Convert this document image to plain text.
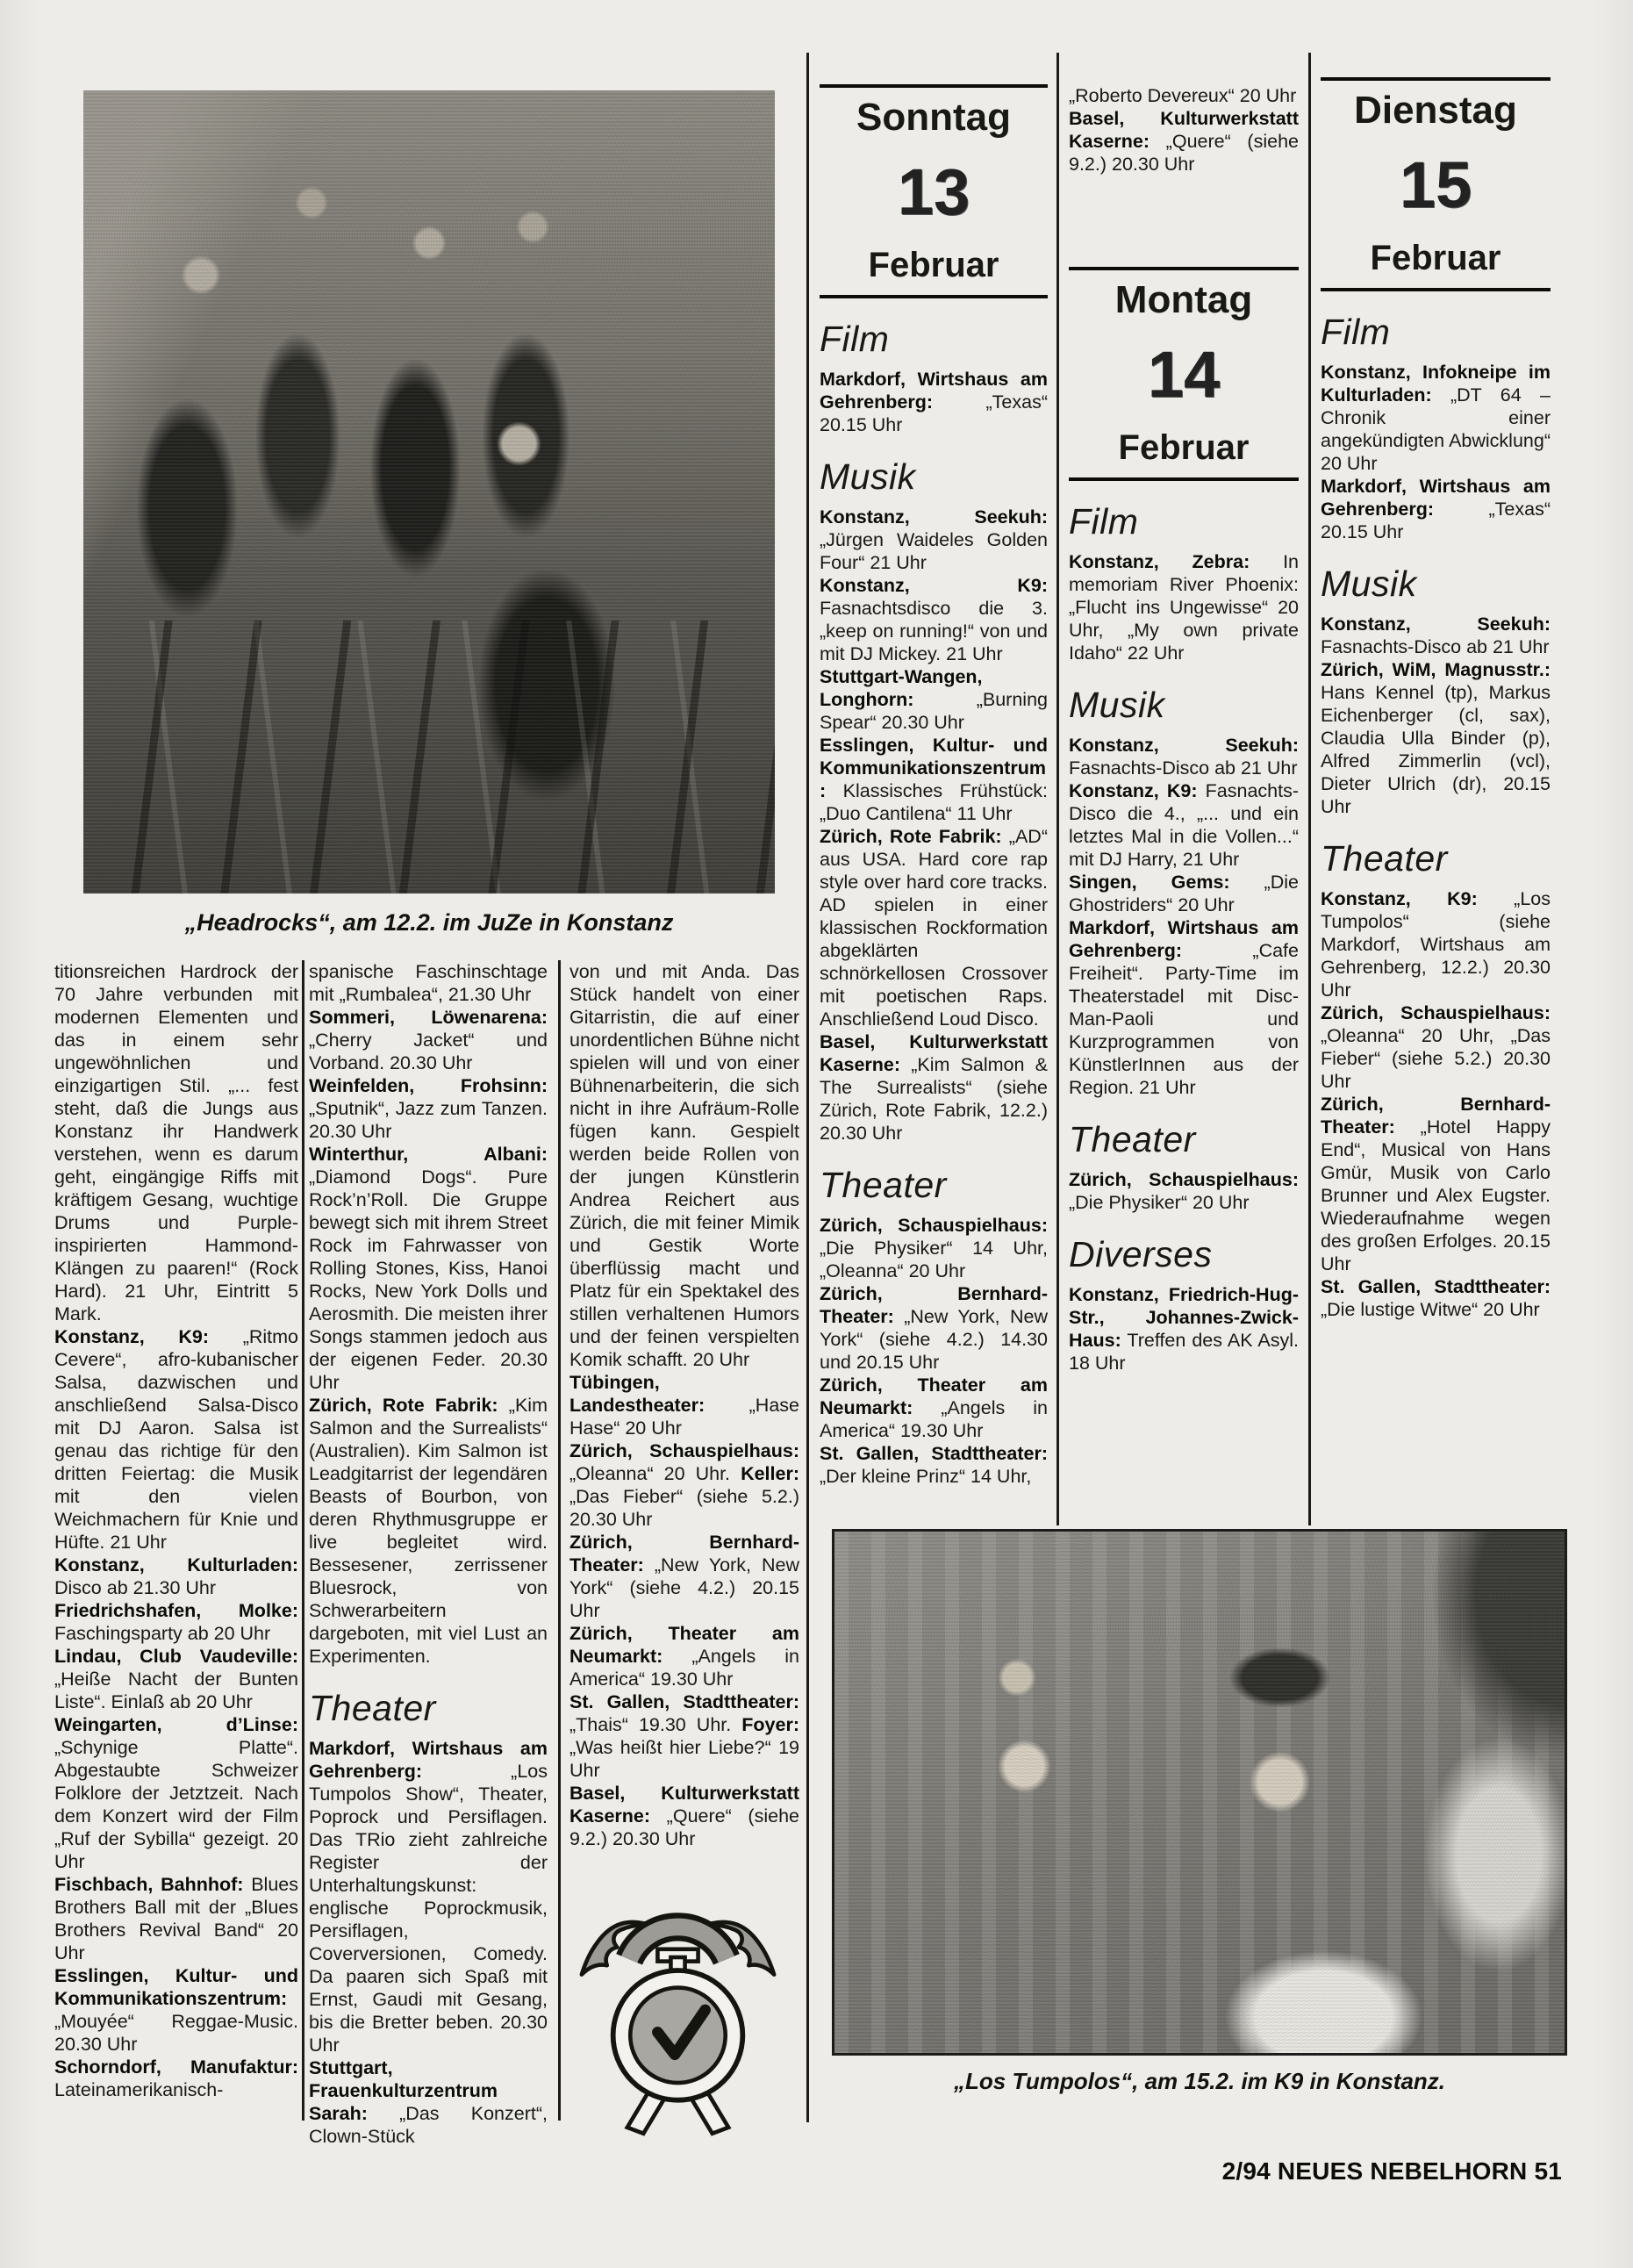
„Headrocks“, am 12.2. im JuZe in Konstanz

titionsreichen Hardrock der 70 Jahre verbunden mit modernen Elementen und das in einem sehr ungewöhnlichen und einzigartigen Stil. „... fest steht, daß die Jungs aus Konstanz ihr Handwerk verstehen, wenn es darum geht, eingängige Riffs mit kräftigem Gesang, wuchtige Drums und Purple-inspirierten Hammond-Klängen zu paaren!“ (Rock Hard). 21 Uhr, Eintritt 5 Mark.

Konstanz, K9: „Ritmo Cevere“, afro-kubanischer Salsa, dazwischen und anschließend Salsa-Disco mit DJ Aaron. Salsa ist genau das richtige für den dritten Feiertag: die Musik mit den vielen Weichmachern für Knie und Hüfte. 21 Uhr

Konstanz, Kulturladen: Disco ab 21.30 Uhr

Friedrichshafen, Molke: Faschingsparty ab 20 Uhr

Lindau, Club Vaudeville: „Heiße Nacht der Bunten Liste“. Einlaß ab 20 Uhr

Weingarten, d’Linse: „Schynige Platte“. Abgestaubte Schweizer Folklore der Jetztzeit. Nach dem Konzert wird der Film „Ruf der Sybilla“ gezeigt. 20 Uhr

Fischbach, Bahnhof: Blues Brothers Ball mit der „Blues Brothers Revival Band“ 20 Uhr

Esslingen, Kultur- und Kommunikationszentrum: „Mouyée“ Reggae-Music. 20.30 Uhr

Schorndorf, Manufaktur: Lateinamerikanisch-

spanische Faschinschtage mit „Rumbalea“, 21.30 Uhr

Sommeri, Löwenarena: „Cherry Jacket“ und Vorband. 20.30 Uhr

Weinfelden, Frohsinn: „Sputnik“, Jazz zum Tanzen. 20.30 Uhr

Winterthur, Albani: „Diamond Dogs“. Pure Rock’n’Roll. Die Gruppe bewegt sich mit ihrem Street Rock im Fahrwasser von Rolling Stones, Kiss, Hanoi Rocks, New York Dolls und Aerosmith. Die meisten ihrer Songs stammen jedoch aus der eigenen Feder. 20.30 Uhr

Zürich, Rote Fabrik: „Kim Salmon and the Surrealists“ (Australien). Kim Salmon ist Leadgitarrist der legendären Beasts of Bourbon, von deren Rhythmusgruppe er live begleitet wird. Bessesener, zerrissener Bluesrock, von Schwerarbeitern dargeboten, mit viel Lust an Experimenten.

Theater

Markdorf, Wirtshaus am Gehrenberg: „Los Tumpolos Show“, Theater, Poprock und Persiflagen. Das TRio zieht zahlreiche Register der Unterhaltungskunst: englische Poprockmusik, Persiflagen, Coverversionen, Comedy. Da paaren sich Spaß mit Ernst, Gaudi mit Gesang, bis die Bretter beben. 20.30 Uhr

Stuttgart, Frauenkulturzentrum Sarah: „Das Konzert“, Clown-Stück

von und mit Anda. Das Stück handelt von einer Gitarristin, die auf einer unordentlichen Bühne nicht spielen will und von einer Bühnenarbeiterin, die sich nicht in ihre Aufräum-Rolle fügen kann. Gespielt werden beide Rollen von der jungen Künstlerin Andrea Reichert aus Zürich, die mit feiner Mimik und Gestik Worte überflüssig macht und Platz für ein Spektakel des stillen verhaltenen Humors und der feinen verspielten Komik schafft. 20 Uhr

Tübingen, Landestheater: „Hase Hase“ 20 Uhr

Zürich, Schauspielhaus: „Oleanna“ 20 Uhr. Keller: „Das Fieber“ (siehe 5.2.) 20.30 Uhr

Zürich, Bernhard-Theater: „New York, New York“ (siehe 4.2.) 20.15 Uhr

Zürich, Theater am Neumarkt: „Angels in America“ 19.30 Uhr

St. Gallen, Stadttheater: „Thais“ 19.30 Uhr. Foyer: „Was heißt hier Liebe?“ 19 Uhr

Basel, Kulturwerkstatt Kaserne: „Quere“ (siehe 9.2.) 20.30 Uhr

Sonntag
13
Februar
Film

Markdorf, Wirtshaus am Gehrenberg: „Texas“ 20.15 Uhr

Musik

Konstanz, Seekuh: „Jürgen Waideles Golden Four“ 21 Uhr

Konstanz, K9: Fasnachtsdisco die 3. „keep on running!“ von und mit DJ Mickey. 21 Uhr

Stuttgart-Wangen, Longhorn: „Burning Spear“ 20.30 Uhr

Esslingen, Kultur- und Kommunikationszentrum: Klassisches Frühstück: „Duo Cantilena“ 11 Uhr

Zürich, Rote Fabrik: „AD“ aus USA. Hard core rap style over hard core tracks. AD spielen in einer klassischen Rockformation abgeklärten schnörkellosen Crossover mit poetischen Raps. Anschließend Loud Disco.

Basel, Kulturwerkstatt Kaserne: „Kim Salmon & The Surrealists“ (siehe Zürich, Rote Fabrik, 12.2.) 20.30 Uhr

Theater

Zürich, Schauspielhaus: „Die Physiker“ 14 Uhr, „Oleanna“ 20 Uhr

Zürich, Bernhard-Theater: „New York, New York“ (siehe 4.2.) 14.30 und 20.15 Uhr

Zürich, Theater am Neumarkt: „Angels in America“ 19.30 Uhr

St. Gallen, Stadttheater: „Der kleine Prinz“ 14 Uhr,

„Roberto Devereux“ 20 Uhr

Basel, Kulturwerkstatt Kaserne: „Quere“ (siehe 9.2.) 20.30 Uhr

Montag
14
Februar
Film

Konstanz, Zebra: In memoriam River Phoenix: „Flucht ins Ungewisse“ 20 Uhr, „My own private Idaho“ 22 Uhr

Musik

Konstanz, Seekuh: Fasnachts-Disco ab 21 Uhr

Konstanz, K9: Fasnachts-Disco die 4., „... und ein letztes Mal in die Vollen...“ mit DJ Harry, 21 Uhr

Singen, Gems: „Die Ghostriders“ 20 Uhr

Markdorf, Wirtshaus am Gehrenberg: „Cafe Freiheit“. Party-Time im Theaterstadel mit Disc-Man-Paoli und Kurzprogrammen von KünstlerInnen aus der Region. 21 Uhr

Theater

Zürich, Schauspielhaus: „Die Physiker“ 20 Uhr

Diverses

Konstanz, Friedrich-Hug-Str., Johannes-Zwick-Haus: Treffen des AK Asyl. 18 Uhr

Dienstag
15
Februar
Film

Konstanz, Infokneipe im Kulturladen: „DT 64 – Chronik einer angekündigten Abwicklung“ 20 Uhr

Markdorf, Wirtshaus am Gehrenberg: „Texas“ 20.15 Uhr

Musik

Konstanz, Seekuh: Fasnachts-Disco ab 21 Uhr

Zürich, WiM, Magnusstr.: Hans Kennel (tp), Markus Eichenberger (cl, sax), Claudia Ulla Binder (p), Alfred Zimmerlin (vcl), Dieter Ulrich (dr), 20.15 Uhr

Theater

Konstanz, K9: „Los Tumpolos“ (siehe Markdorf, Wirtshaus am Gehrenberg, 12.2.) 20.30 Uhr

Zürich, Schauspielhaus: „Oleanna“ 20 Uhr, „Das Fieber“ (siehe 5.2.) 20.30 Uhr

Zürich, Bernhard-Theater: „Hotel Happy End“, Musical von Hans Gmür, Musik von Carlo Brunner und Alex Eugster. Wiederaufnahme wegen des großen Erfolges. 20.15 Uhr

St. Gallen, Stadttheater: „Die lustige Witwe“ 20 Uhr

„Los Tumpolos“, am 15.2. im K9 in Konstanz.
2/94 NEUES NEBELHORN 51
